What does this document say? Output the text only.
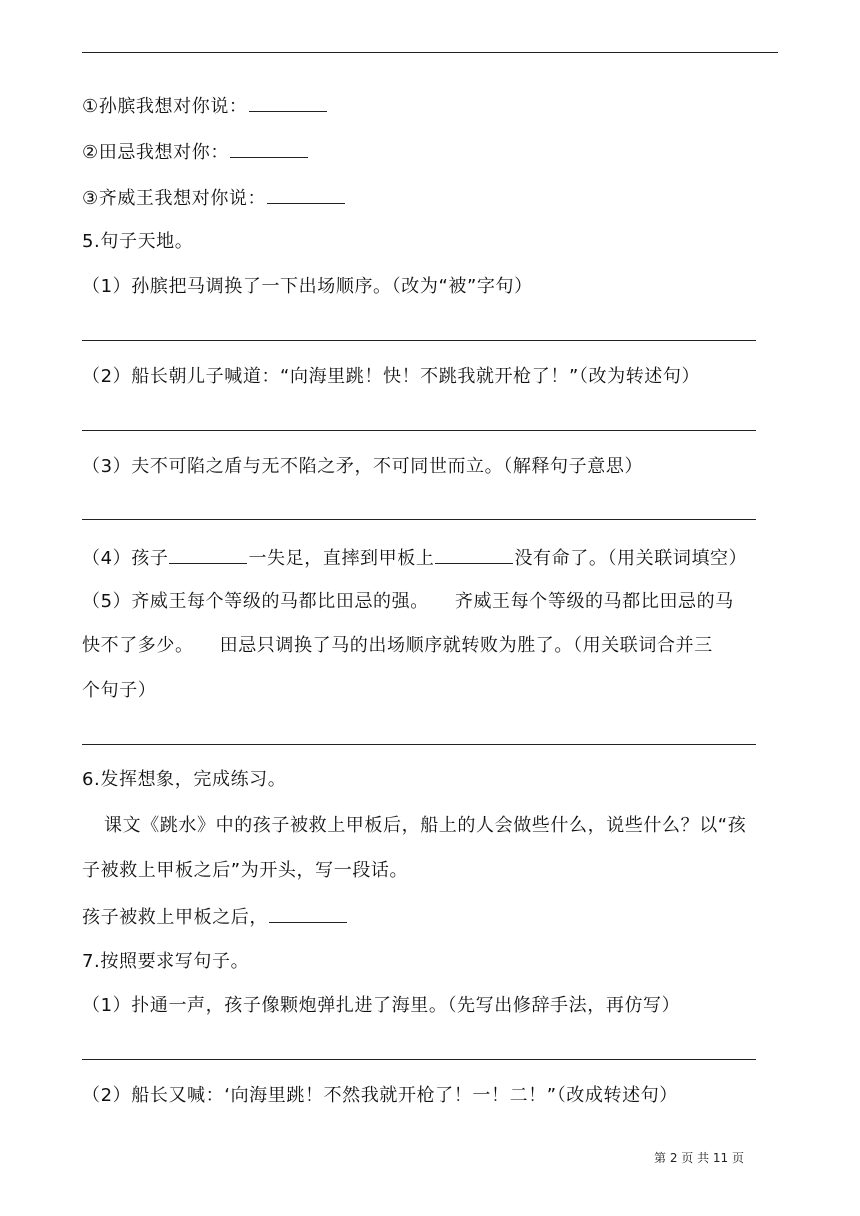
①孙膑我想对你说：
②田忌我想对你：
③齐威王我想对你说：
5.句子天地。
（1）孙膑把马调换了一下出场顺序。（改为“被”字句）
（2）船长朝儿子喊道：“向海里跳！快！不跳我就开枪了！”（改为转述句）
（3）夫不可陷之盾与无不陷之矛，不可同世而立。（解释句子意思）
（4）孩子	一失足，直摔到甲板上	没有命了。（用关联词填空）
（5）齐威王每个等级的马都比田忌的强。 齐威王每个等级的马都比田忌的马
快不了多少。 田忌只调换了马的出场顺序就转败为胜了。（用关联词合并三
个句子）
6.发挥想象，完成练习。
课文《跳水》中的孩子被救上甲板后，船上的人会做些什么，说些什么？以“孩
子被救上甲板之后”为开头，写一段话。
孩子被救上甲板之后，
7.按照要求写句子。
（1）扑通一声，孩子像颗炮弹扎进了海里。（先写出修辞手法，再仿写）
（2）船长又喊：‘向海里跳！不然我就开枪了！一！二！”（改成转述句）
第 2 页 共 11 页
